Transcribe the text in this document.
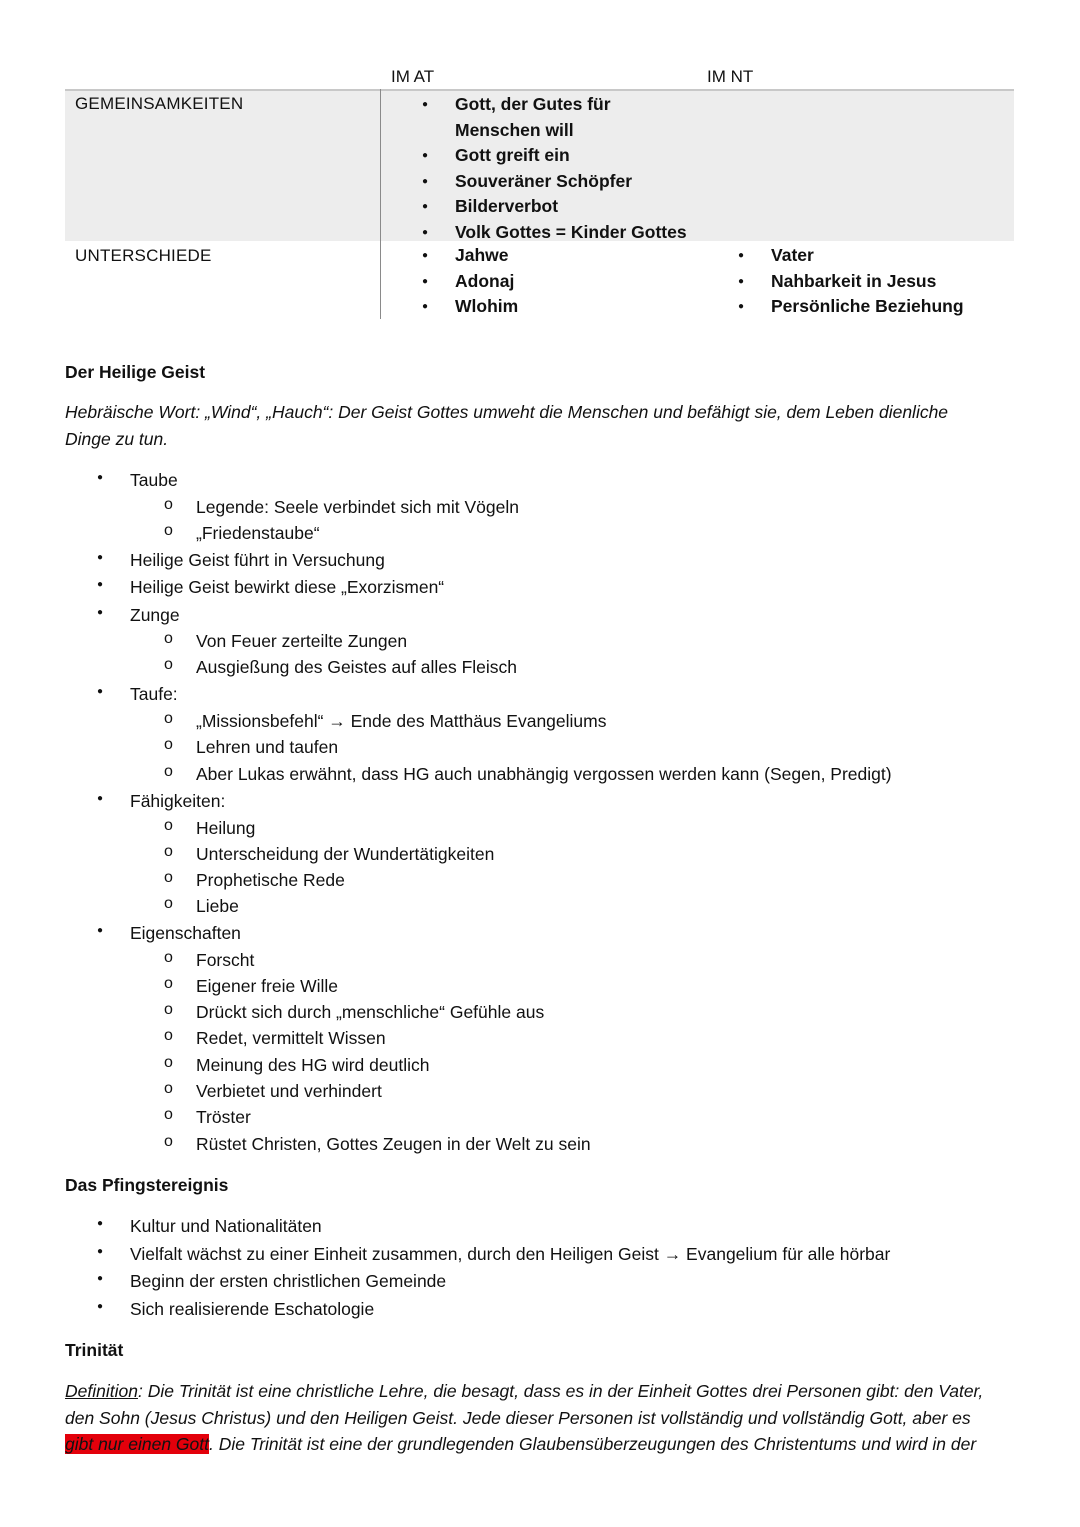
IM AT	IM NT
GEMEINSAMKEITEN
UNTERSCHIEDE
● Gott, der Gutes für
Menschen will
● Gott greift ein
● Souveräner Schöpfer
● Bilderverbot
● Volk Gottes = Kinder Gottes
● Jahwe
● Adonaj
● Wlohim
● Vater
● Nahbarkeit in Jesus
● Persönliche Beziehung
Der Heilige Geist

Hebräische Wort: „Wind“, „Hauch“: Der Geist Gottes umweht die Menschen und befähigt sie, dem Leben dienliche
Dinge zu tun.

● Taube
o Legende: Seele verbindet sich mit Vögeln
o „Friedenstaube“
● Heilige Geist führt in Versuchung
● Heilige Geist bewirkt diese „Exorzismen“
● Zunge
o Von Feuer zerteilte Zungen
o Ausgießung des Geistes auf alles Fleisch
● Taufe:
o „Missionsbefehl“ → Ende des Matthäus Evangeliums
o Lehren und taufen
o Aber Lukas erwähnt, dass HG auch unabhängig vergossen werden kann (Segen, Predigt)
● Fähigkeiten:
o Heilung
o Unterscheidung der Wundertätigkeiten
o Prophetische Rede
o Liebe
● Eigenschaften
o Forscht
o Eigener freie Wille
o Drückt sich durch „menschliche“ Gefühle aus
o Redet, vermittelt Wissen
o Meinung des HG wird deutlich
o Verbietet und verhindert
o Tröster
o Rüstet Christen, Gottes Zeugen in der Welt zu sein
Das Pfingstereignis
● Kultur und Nationalitäten
● Vielfalt wächst zu einer Einheit zusammen, durch den Heiligen Geist → Evangelium für alle hörbar
● Beginn der ersten christlichen Gemeinde
● Sich realisierende Eschatologie
Trinität

Definition: Die Trinität ist eine christliche Lehre, die besagt, dass es in der Einheit Gottes drei Personen gibt: den Vater,
den Sohn (Jesus Christus) und den Heiligen Geist. Jede dieser Personen ist vollständig und vollständig Gott, aber es
gibt nur einen Gott. Die Trinität ist eine der grundlegenden Glaubensüberzeugungen des Christentums und wird in der
